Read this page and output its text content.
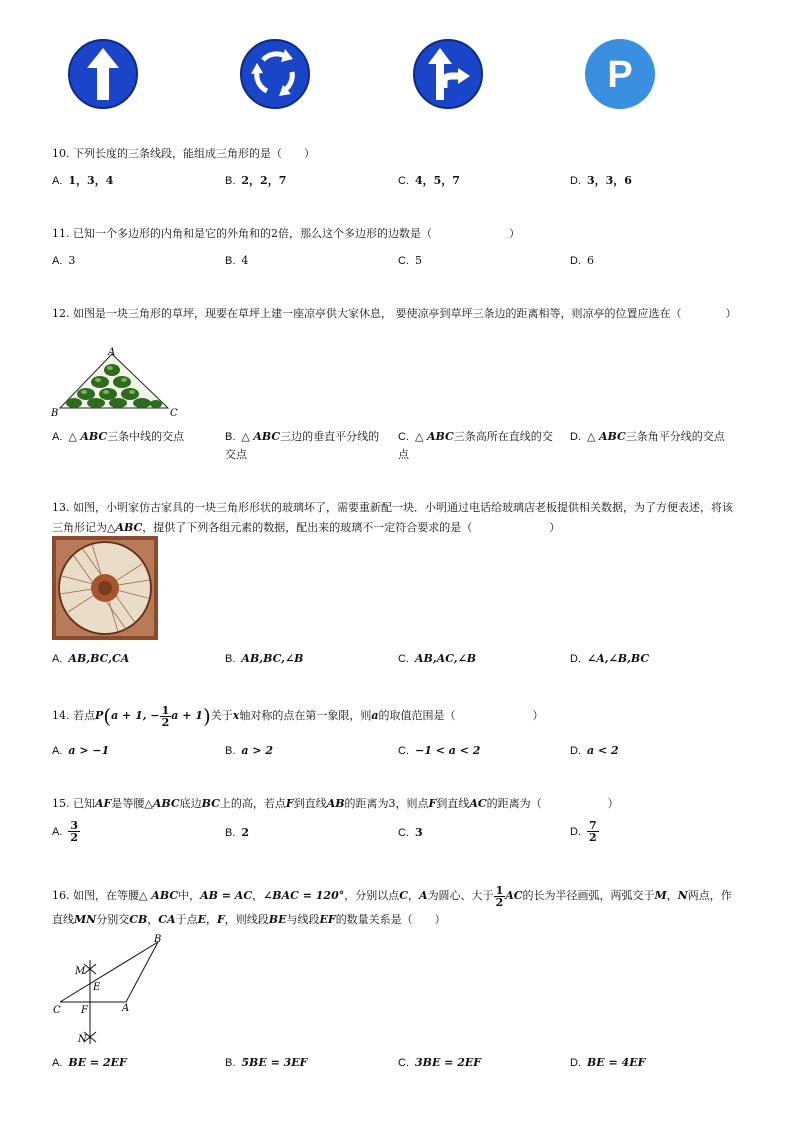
P
10. 下列长度的三条线段，能组成三角形的是（　　）
A. 1，3，4	B. 2，2，7	C. 4，5，7	D. 3，3，6
11. 已知一个多边形的内角和是它的外角和的2倍，那么这个多边形的边数是（　　　　　　　）
A. 3	B. 4	C. 5	D. 6
12. 如图是一块三角形的草坪，现要在草坪上建一座凉亭供大家休息， 要使凉亭到草坪三条边的距离相等，则凉亭的位置应选在（　　　　）
A
B	C
A. △ ABC三条中线的交点	B. △ ABC三边的垂直平分线的交点
C. △ ABC三条高所在直线的交点
D. △ ABC三条角平分线的交点
13. 如图，小明家仿古家具的一块三角形形状的玻璃坏了，需要重新配一块．小明通过电话给玻璃店老板提供相关数据，为了方便表述，将该三角形记为△ABC，提供了下列各组元素的数据，配出来的玻璃不一定符合要求的是（　　　　　　　）
A. AB,BC,CA	B. AB,BC,∠B	C. AB,AC,∠B	D. ∠A,∠B,BC
14. 若点P(a + 1, − $\frac{1}{2}$ a + 1)关于x轴对称的点在第一象限，则a的取值范围是（　　　　　　　）
A. a > −1	B. a > 2	C. −1 < a < 2	D. a < 2
15. 已知AF是等腰△ABC底边BC上的高，若点F到直线AB的距离为3，则点F到直线AC的距离为（　　　　　　）
A. $\frac{3}{2}$	B. 2	C. 3	D. $\frac{7}{2}$
16. 如图，在等腰△ ABC中，AB = AC，∠BAC = 120°，分别以点C，A为圆心、大于 $\frac{1}{2}$ AC的长为半径画弧，两弧交于M，N两点，作直线MN分别交CB，CA于点E，F，则线段BE与线段EF的数量关系是（　　）
B
M
E
C F	A
N
A. BE = 2EF	B. 5BE = 3EF	C. 3BE = 2EF	D. BE = 4EF
